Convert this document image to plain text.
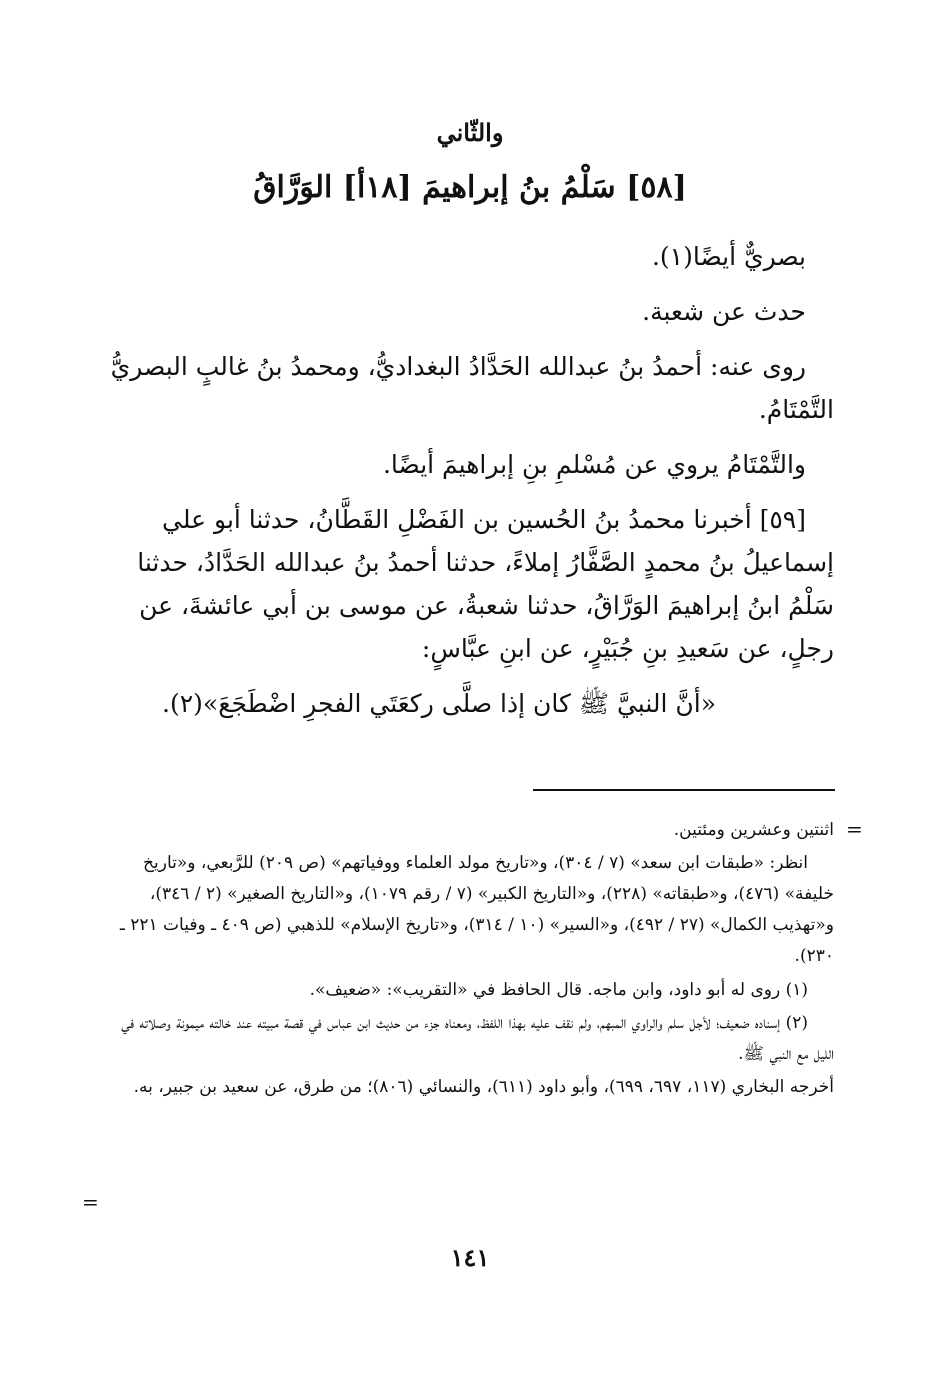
والثّاني
[٥٨] سَلْمُ بنُ إبراهيمَ [١٨أ] الوَرَّاقُ

بصريٌّ أيضًا(١).

حدث عن شعبة.

روى عنه: أحمدُ بنُ عبدالله الحَدَّادُ البغداديُّ، ومحمدُ بنُ غالبٍ البصريُّ التَّمْتَامُ.

والتَّمْتَامُ يروي عن مُسْلمِ بنِ إبراهيمَ أيضًا.

[٥٩] أخبرنا محمدُ بنُ الحُسين بن الفَضْلِ القَطَّانُ، حدثنا أبو علي إسماعيلُ بنُ محمدٍ الصَّفَّارُ إملاءً، حدثنا أحمدُ بنُ عبدالله الحَدَّادُ، حدثنا سَلْمُ ابنُ إبراهيمَ الوَرَّاقُ، حدثنا شعبةُ، عن موسى بن أبي عائشةَ، عن رجلٍ، عن سَعيدِ بنِ جُبَيْرٍ، عن ابنِ عبَّاسٍ:

«أنَّ النبيَّ ﷺ كان إذا صلَّى ركعَتَي الفجرِ اضْطَجَعَ»(٢).

=

اثنتين وعشرين ومئتين.

انظر: «طبقات ابن سعد» (٧ / ٣٠٤)، و«تاريخ مولد العلماء ووفياتهم» (ص ٢٠٩) للرَّبعي، و«تاريخ خليفة» (٤٧٦)، و«طبقاته» (٢٢٨)، و«التاريخ الكبير» (٧ / رقم ١٠٧٩)، و«التاريخ الصغير» (٢ / ٣٤٦)، و«تهذيب الكمال» (٢٧ / ٤٩٢)، و«السير» (١٠ / ٣١٤)، و«تاريخ الإسلام» للذهبي (ص ٤٠٩ ـ وفيات ٢٢١ ـ ٢٣٠).

(١) روى له أبو داود، وابن ماجه. قال الحافظ في «التقريب»: «ضعيف».

(٢) إسناده ضعيف؛ لأجل سلم والراوي المبهم، ولم نقف عليه بهذا اللفظ، ومعناه جزء من حديث ابن عباس في قصة مبيته عند خالته ميمونة وصلاته في الليل مع النبي ﷺ.

أخرجه البخاري (١١٧، ٦٩٧، ٦٩٩)، وأبو داود (٦١١)، والنسائي (٨٠٦)؛ من طرق، عن سعيد بن جبير، به.

=
١٤١
